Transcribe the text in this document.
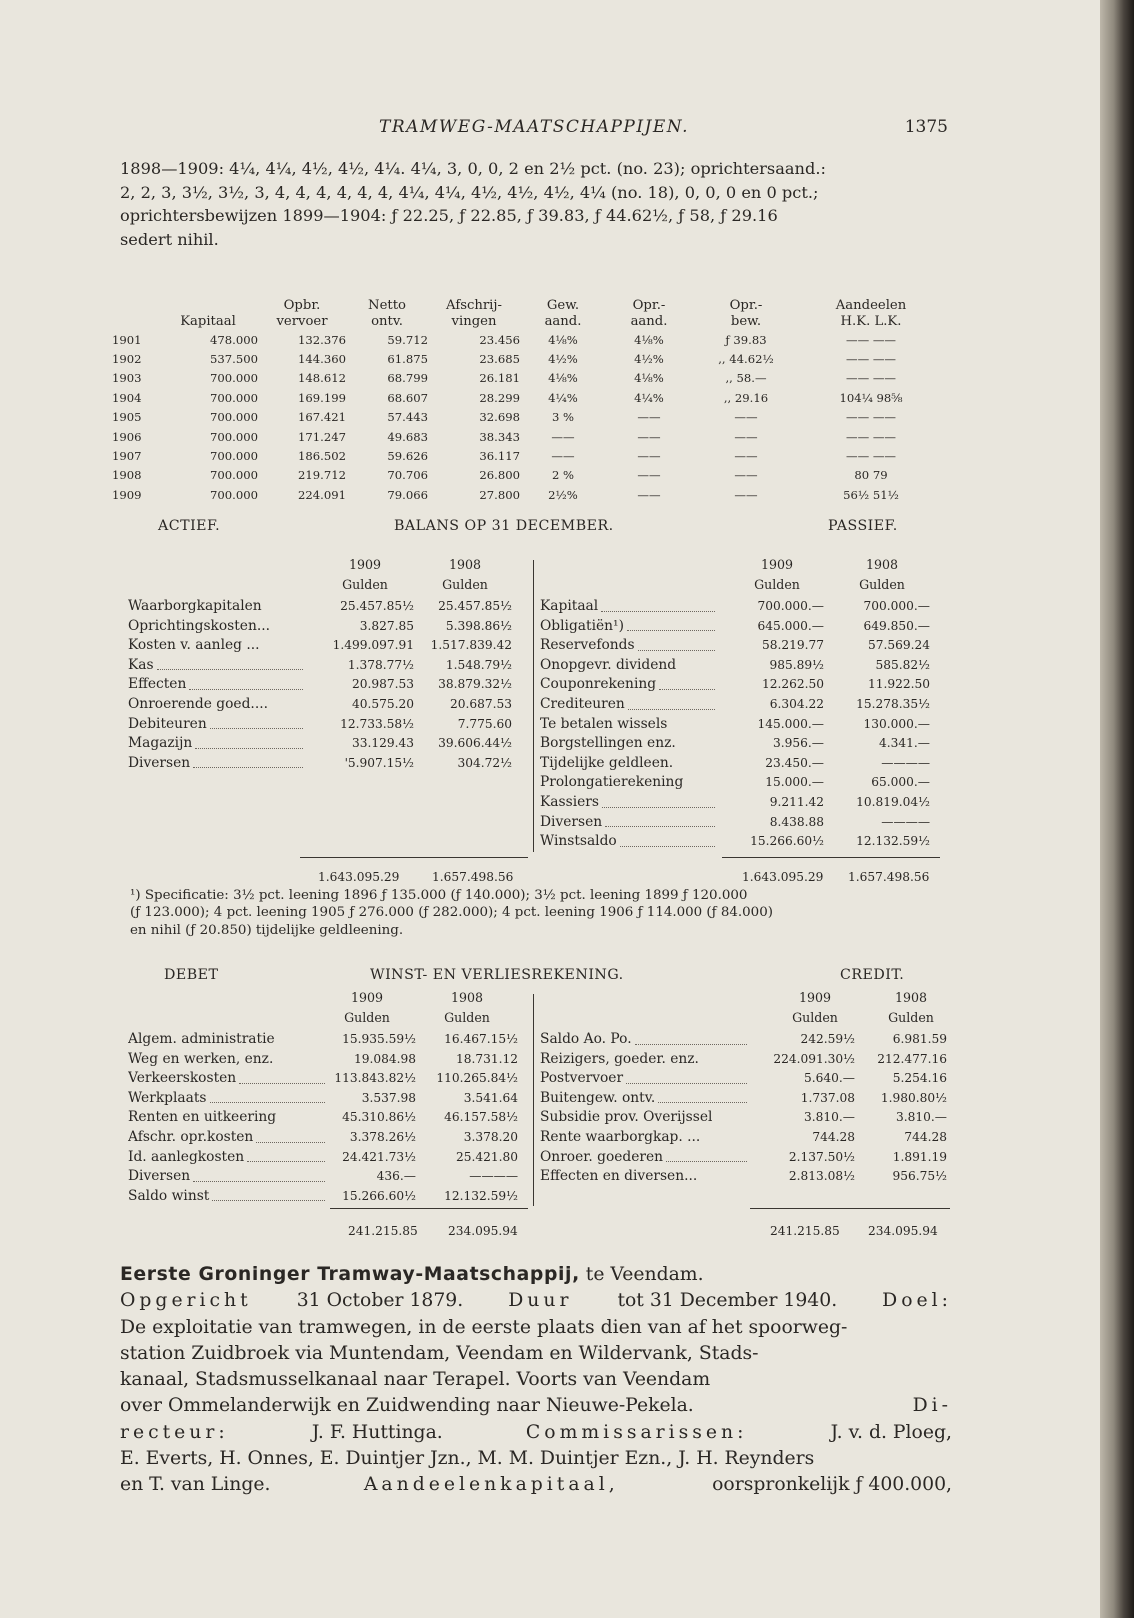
TRAMWEG-MAATSCHAPPIJEN.	1375
1898—1909: 4¼, 4¼, 4½, 4½, 4¼. 4¼, 3, 0, 0, 2 en 2½ pct. (no. 23); oprichtersaand.:
2, 2, 3, 3½, 3½, 3, 4, 4, 4, 4, 4, 4, 4¼, 4¼, 4½, 4½, 4½, 4¼ (no. 18), 0, 0, 0 en 0 pct.;
oprichtersbewijzen 1899—1904: ƒ 22.25, ƒ 22.85, ƒ 39.83, ƒ 44.62½, ƒ 58, ƒ 29.16
sedert nihil.
		Opbr.	Netto	Afschrij-	Gew.	Opr.-	Opr.-	Aandeelen
	Kapitaal	vervoer	ontv.	vingen	aand.	aand.	bew.	H.K. L.K.
1901	478.000	132.376	59.712	23.456	4⅛%	4⅛%	ƒ 39.83	—— ——
1902	537.500	144.360	61.875	23.685	4½%	4½%	,, 44.62½	—— ——
1903	700.000	148.612	68.799	26.181	4⅛%	4⅛%	,, 58.—	—— ——
1904	700.000	169.199	68.607	28.299	4¼%	4¼%	,, 29.16	104¼ 98⅝
1905	700.000	167.421	57.443	32.698	3 %	——	——	—— ——
1906	700.000	171.247	49.683	38.343	——	——	——	—— ——
1907	700.000	186.502	59.626	36.117	——	——	——	—— ——
1908	700.000	219.712	70.706	26.800	2 %	——	——	80 79
1909	700.000	224.091	79.066	27.800	2½%	——	——	56½ 51½
ACTIEF.	BALANS OP 31 DECEMBER.	PASSIEF.
1909	1908
Gulden	Gulden
1909	1908
Gulden	Gulden
Waarborgkapitalen	25.457.85½ 25.457.85½
Oprichtingskosten...	3.827.85	5.398.86½
Kosten v. aanleg ...	1.499.097.91 1.517.839.42
Kas	1.378.77½	1.548.79½
Effecten	20.987.53 38.879.32½
Onroerende goed....	40.575.20	20.687.53
Debiteuren	12.733.58½	7.775.60
Magazijn	33.129.43 39.606.44½
Diversen	'5.907.15½	304.72½
Kapitaal	700.000.—	700.000.—
Obligatiën¹)	645.000.—	649.850.—
Reservefonds	58.219.77	57.569.24
Onopgevr. dividend	985.89½	585.82½
Couponrekening	12.262.50	11.922.50
Crediteuren	6.304.22	15.278.35½
Te betalen wissels	145.000.—	130.000.—
Borgstellingen enz.	3.956.—	4.341.—
Tijdelijke geldleen.	23.450.—	————
Prolongatierekening	15.000.—	65.000.—
Kassiers	9.211.42	10.819.04½
Diversen	8.438.88	————
Winstsaldo	15.266.60½	12.132.59½
1.643.095.29	1.657.498.56	1.643.095.29 1.657.498.56
¹) Specificatie: 3½ pct. leening 1896 ƒ 135.000 (ƒ 140.000); 3½ pct. leening 1899 ƒ 120.000
(ƒ 123.000); 4 pct. leening 1905 ƒ 276.000 (ƒ 282.000); 4 pct. leening 1906 ƒ 114.000 (ƒ 84.000)
en nihil (ƒ 20.850) tijdelijke geldleening.
DEBET	WINST- EN VERLIESREKENING.	CREDIT.
1909	1908
Gulden	Gulden
1909	1908
Gulden	Gulden
Algem. administratie	15.935.59½ 16.467.15½
Weg en werken, enz.	19.084.98	18.731.12
Verkeerskosten	113.843.82½ 110.265.84½
Werkplaats	3.537.98	3.541.64
Renten en uitkeering	45.310.86½ 46.157.58½
Afschr. opr.kosten	3.378.26½	3.378.20
Id. aanlegkosten	24.421.73½	25.421.80
Diversen	436.—	————
Saldo winst	15.266.60½ 12.132.59½
Saldo Ao. Po.	242.59½	6.981.59
Reizigers, goeder. enz.	224.091.30½ 212.477.16
Postvervoer	5.640.—	5.254.16
Buitengew. ontv.	1.737.08 1.980.80½
Subsidie prov. Overijssel	3.810.—	3.810.—
Rente waarborgkap. ...	744.28	744.28
Onroer. goederen	2.137.50½	1.891.19
Effecten en diversen...	2.813.08½	956.75½
241.215.85 234.095.94	241.215.85 234.095.94
Eerste Groninger Tramway-Maatschappij, te Veendam.
Opgericht 31 October 1879. Duur tot 31 December 1940. Doel:
De exploitatie van tramwegen, in de eerste plaats dien van af het spoorweg-
station Zuidbroek via Muntendam, Veendam en Wildervank, Stads-
kanaal, Stadsmusselkanaal naar Terapel. Voorts van Veendam
over Ommelanderwijk en Zuidwending naar Nieuwe-Pekela.	Di-
recteur:	J. F. Huttinga.	Commissarissen:	J. v. d. Ploeg,
E. Everts, H. Onnes, E. Duintjer Jzn., M. M. Duintjer Ezn., J. H. Reynders
en T. van Linge.	Aandeelenkapitaal,	oorspronkelijk ƒ 400.000,
